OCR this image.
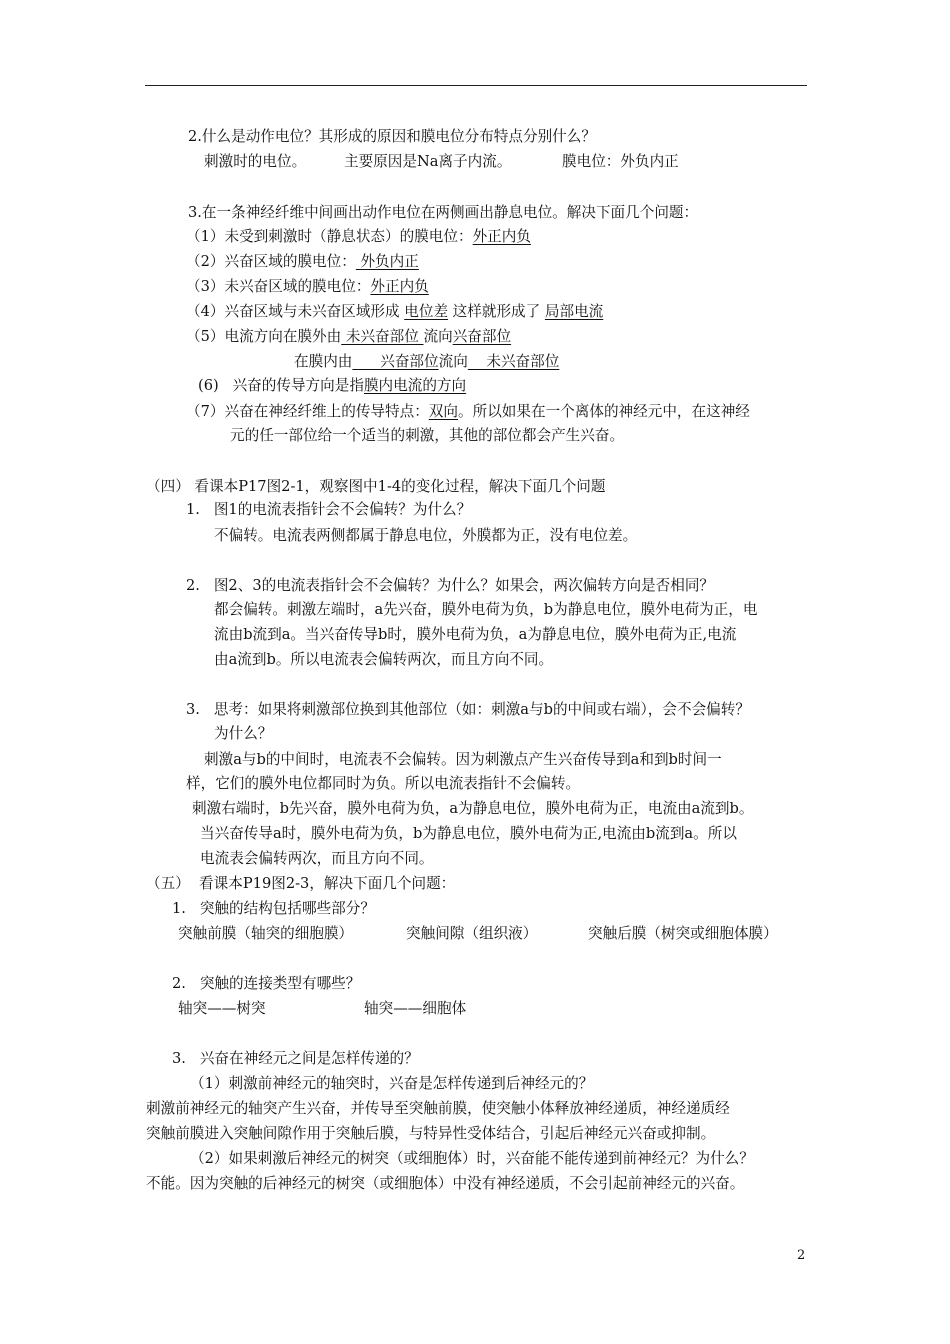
2.什么是动作电位？其形成的原因和膜电位分布特点分别什么？
刺激时的电位。	主要原因是Na离子内流。	膜电位：外负内正
3.在一条神经纤维中间画出动作电位在两侧画出静息电位。解决下面几个问题：
（1）未受到刺激时（静息状态）的膜电位：外正内负
（2）兴奋区域的膜电位： 外负内正
（3）未兴奋区域的膜电位：外正内负
（4）兴奋区域与未兴奋区域形成 电位差 这样就形成了 局部电流
（5）电流方向在膜外由 未兴奋部位 流向兴奋部位
在膜内由      兴奋部位流向    未兴奋部位
(6)   兴奋的传导方向是指膜内电流的方向
（7）兴奋在神经纤维上的传导特点：双向。所以如果在一个离体的神经元中，在这神经
元的任一部位给一个适当的刺激，其他的部位都会产生兴奋。
（四） 看课本P17图2-1，观察图中1-4的变化过程，解决下面几个问题
1.   图1的电流表指针会不会偏转？为什么？
不偏转。电流表两侧都属于静息电位，外膜都为正，没有电位差。
2.   图2、3的电流表指针会不会偏转？为什么？如果会，两次偏转方向是否相同？
都会偏转。刺激左端时，a先兴奋，膜外电荷为负，b为静息电位，膜外电荷为正，电
流由b流到a。当兴奋传导b时，膜外电荷为负，a为静息电位，膜外电荷为正,电流
由a流到b。所以电流表会偏转两次，而且方向不同。
3.   思考：如果将刺激部位换到其他部位（如：刺激a与b的中间或右端），会不会偏转？
为什么？
刺激a与b的中间时，电流表不会偏转。因为刺激点产生兴奋传导到a和到b时间一
样，它们的膜外电位都同时为负。所以电流表指针不会偏转。
刺激右端时，b先兴奋，膜外电荷为负，a为静息电位，膜外电荷为正，电流由a流到b。
当兴奋传导a时，膜外电荷为负，b为静息电位，膜外电荷为正,电流由b流到a。所以
电流表会偏转两次，而且方向不同。
（五）  看课本P19图2-3，解决下面几个问题：
1.   突触的结构包括哪些部分？
突触前膜（轴突的细胞膜）	突触间隙（组织液）	突触后膜（树突或细胞体膜）
2.   突触的连接类型有哪些？
轴突——树突	轴突——细胞体
3.   兴奋在神经元之间是怎样传递的？
（1）刺激前神经元的轴突时，兴奋是怎样传递到后神经元的？
刺激前神经元的轴突产生兴奋，并传导至突触前膜，使突触小体释放神经递质，神经递质经
突触前膜进入突触间隙作用于突触后膜，与特异性受体结合，引起后神经元兴奋或抑制。
（2）如果刺激后神经元的树突（或细胞体）时，兴奋能不能传递到前神经元？为什么？
不能。因为突触的后神经元的树突（或细胞体）中没有神经递质，不会引起前神经元的兴奋。
2
